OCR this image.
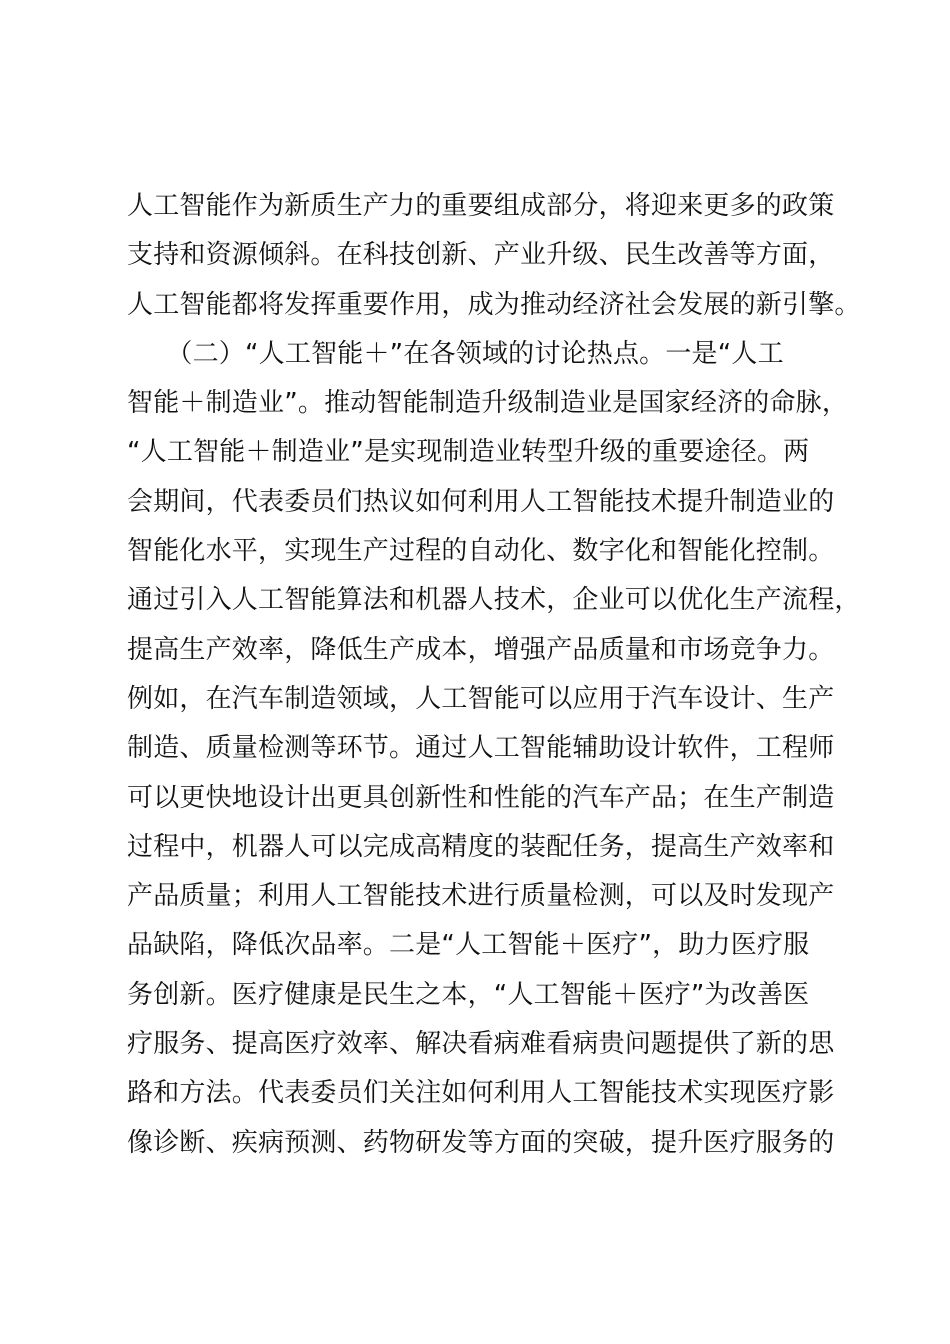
人工智能作为新质生产力的重要组成部分，将迎来更多的政策
支持和资源倾斜。在科技创新、产业升级、民生改善等方面，
人工智能都将发挥重要作用，成为推动经济社会发展的新引擎。
　　（二）“人工智能＋”在各领域的讨论热点。一是“人工
智能＋制造业”。推动智能制造升级制造业是国家经济的命脉，
“人工智能＋制造业”是实现制造业转型升级的重要途径。两
会期间，代表委员们热议如何利用人工智能技术提升制造业的
智能化水平，实现生产过程的自动化、数字化和智能化控制。
通过引入人工智能算法和机器人技术，企业可以优化生产流程，
提高生产效率，降低生产成本，增强产品质量和市场竞争力。
例如，在汽车制造领域，人工智能可以应用于汽车设计、生产
制造、质量检测等环节。通过人工智能辅助设计软件，工程师
可以更快地设计出更具创新性和性能的汽车产品；在生产制造
过程中，机器人可以完成高精度的装配任务，提高生产效率和
产品质量；利用人工智能技术进行质量检测，可以及时发现产
品缺陷，降低次品率。二是“人工智能＋医疗”，助力医疗服
务创新。医疗健康是民生之本，“人工智能＋医疗”为改善医
疗服务、提高医疗效率、解决看病难看病贵问题提供了新的思
路和方法。代表委员们关注如何利用人工智能技术实现医疗影
像诊断、疾病预测、药物研发等方面的突破，提升医疗服务的
